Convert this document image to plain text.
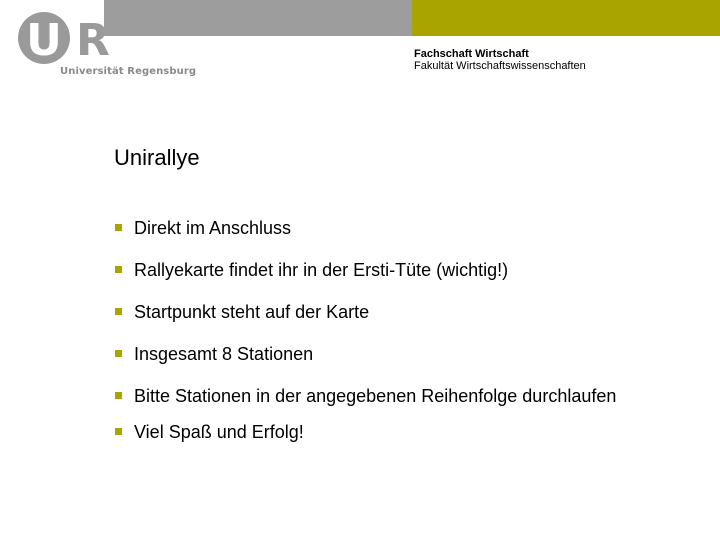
U R
Universität Regensburg
Fachschaft Wirtschaft
Fakultät Wirtschaftswissenschaften
Unirallye
Direkt im Anschluss
Rallyekarte findet ihr in der Ersti-Tüte (wichtig!)
Startpunkt steht auf der Karte
Insgesamt 8 Stationen
Bitte Stationen in der angegebenen Reihenfolge durchlaufen
Viel Spaß und Erfolg!
